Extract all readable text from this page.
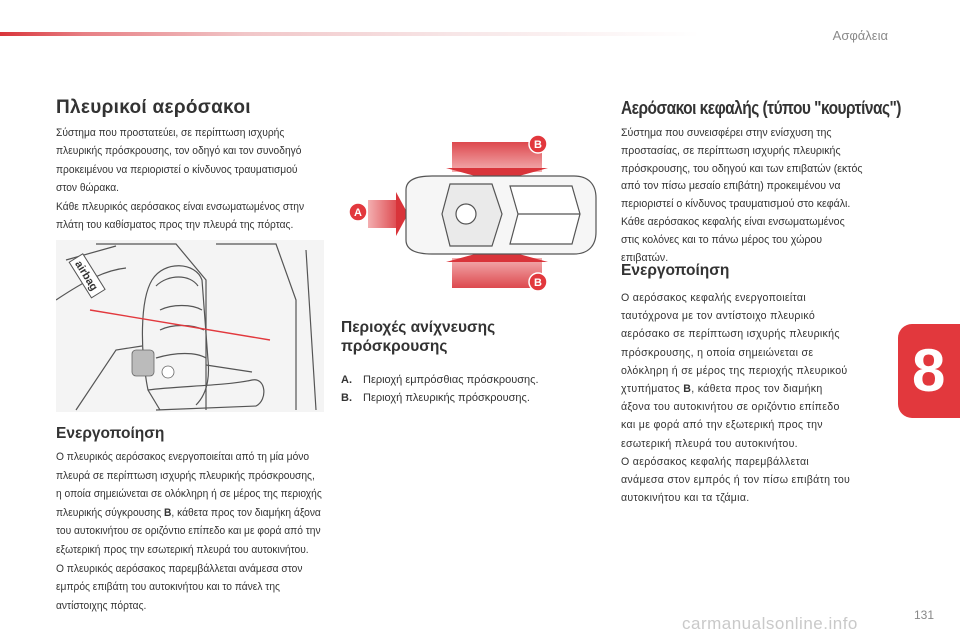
Ασφάλεια
8
Πλευρικοί αερόσακοι
Σύστημα που προστατεύει, σε περίπτωση ισχυρής
πλευρικής πρόσκρουσης, τον οδηγό και τον συνοδηγό
προκειμένου να περιοριστεί ο κίνδυνος τραυματισμού
στον θώρακα.
Κάθε πλευρικός αερόσακος είναι ενσωματωμένος στην
πλάτη του καθίσματος προς την πλευρά της πόρτας.
airbag
Ενεργοποίηση
Ο πλευρικός αερόσακος ενεργοποιείται από τη μία μόνο
πλευρά σε περίπτωση ισχυρής πλευρικής πρόσκρουσης,
η οποία σημειώνεται σε ολόκληρη ή σε μέρος της περιοχής
πλευρικής σύγκρουσης B, κάθετα προς τον διαμήκη άξονα
του αυτοκινήτου σε οριζόντιο επίπεδο και με φορά από την
εξωτερική προς την εσωτερική πλευρά του αυτοκινήτου.
Ο πλευρικός αερόσακος παρεμβάλλεται ανάμεσα στον
εμπρός επιβάτη του αυτοκινήτου και το πάνελ της
αντίστοιχης πόρτας.
A
B
B
Περιοχές ανίχνευσης
πρόσκρουσης
A. Περιοχή εμπρόσθιας πρόσκρουσης.
B. Περιοχή πλευρικής πρόσκρουσης.
Αερόσακοι κεφαλής (τύπου "κουρτίνας")
Σύστημα που συνεισφέρει στην ενίσχυση της
προστασίας, σε περίπτωση ισχυρής πλευρικής
πρόσκρουσης, του οδηγού και των επιβατών (εκτός
από τον πίσω μεσαίο επιβάτη) προκειμένου να
περιοριστεί ο κίνδυνος τραυματισμού στο κεφάλι.
Κάθε αερόσακος κεφαλής είναι ενσωματωμένος
στις κολόνες και το πάνω μέρος του χώρου
επιβατών.
Ενεργοποίηση
Ο αερόσακος κεφαλής ενεργοποιείται
ταυτόχρονα με τον αντίστοιχο πλευρικό
αερόσακο σε περίπτωση ισχυρής πλευρικής
πρόσκρουσης, η οποία σημειώνεται σε
ολόκληρη ή σε μέρος της περιοχής πλευρικού
χτυπήματος B, κάθετα προς τον διαμήκη
άξονα του αυτοκινήτου σε οριζόντιο επίπεδο
και με φορά από την εξωτερική προς την
εσωτερική πλευρά του αυτοκινήτου.
Ο αερόσακος κεφαλής παρεμβάλλεται
ανάμεσα στον εμπρός ή τον πίσω επιβάτη του
αυτοκινήτου και τα τζάμια.
131
carmanualsonline.info
